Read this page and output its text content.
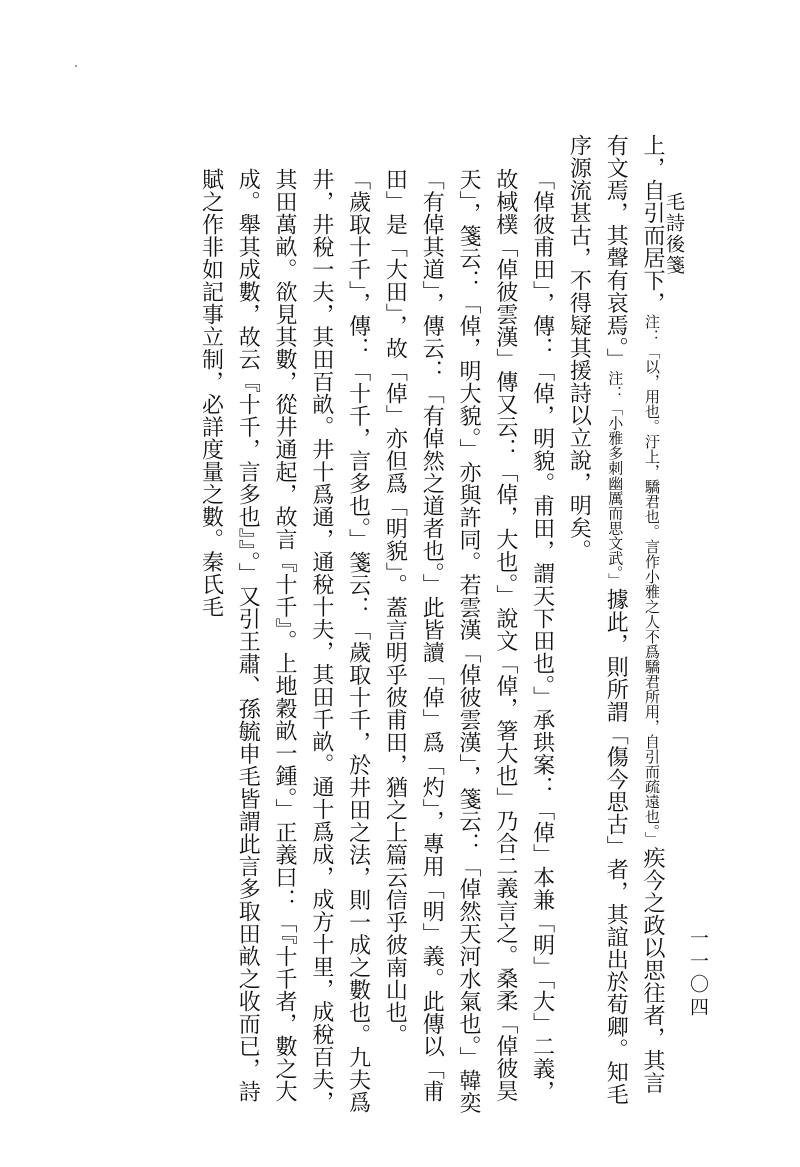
毛詩後箋
一一〇四

上，自引而居下，注：「以，用也。汙上，驕君也。言作小雅之人不爲驕君所用，自引而疏遠也。」疾今之政以思往者，其言有文焉，其聲有哀焉。」注：「小雅多刺幽厲而思文武。」據此，則所謂「傷今思古」者，其誼出於荀卿。知毛序源流甚古，不得疑其援詩以立說，明矣。

「倬彼甫田」，傳：「倬，明貌。甫田，謂天下田也。」承珙案：「倬」本兼「明」「大」二義，故棫樸「倬彼雲漢」傳又云：「倬，大也。」說文「倬，箸大也」乃合二義言之。桑柔「倬彼昊天」，箋云：「倬，明大貌。」亦與許同。若雲漢「倬彼雲漢」，箋云：「倬然天河水氣也。」韓奕「有倬其道」，傳云：「有倬然之道者也。」此皆讀「倬」爲「灼」，專用「明」義。此傳以「甫田」是「大田」，故「倬」亦但爲「明貌」。蓋言明乎彼甫田，猶之上篇云信乎彼南山也。

「歲取十千」，傳：「十千，言多也。」箋云：「歲取十千，於井田之法，則一成之數也。九夫爲井，井稅一夫，其田百畝。井十爲通，通稅十夫，其田千畝。通十爲成，成方十里，成稅百夫，其田萬畝。欲見其數，從井通起，故言『十千』。上地穀畝一鍾。」正義曰：「『十千者，數之大成。舉其成數，故云『十千，言多也』』。」又引王肅、孫毓申毛皆謂此言多取田畝之收而已，詩賦之作非如記事立制，必詳度量之數。秦氏毛
